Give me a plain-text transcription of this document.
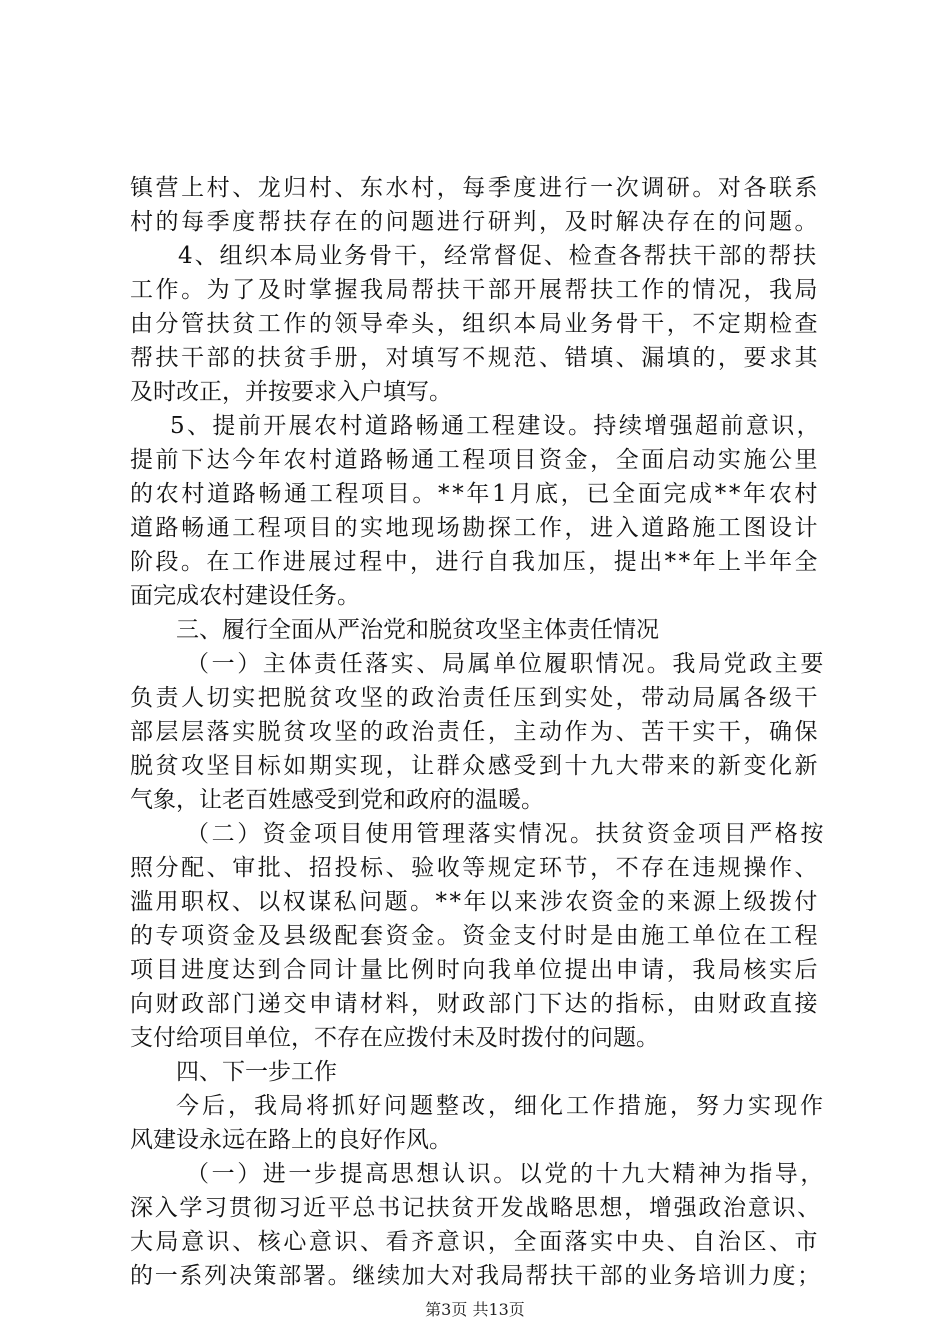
镇营上村、龙归村、东水村，每季度进行一次调研。对各联系
村的每季度帮扶存在的问题进行研判，及时解决存在的问题。
4、组织本局业务骨干，经常督促、检查各帮扶干部的帮扶
工作。为了及时掌握我局帮扶干部开展帮扶工作的情况，我局
由分管扶贫工作的领导牵头，组织本局业务骨干，不定期检查
帮扶干部的扶贫手册，对填写不规范、错填、漏填的，要求其
及时改正，并按要求入户填写。
5、提前开展农村道路畅通工程建设。持续增强超前意识，
提前下达今年农村道路畅通工程项目资金，全面启动实施公里
的农村道路畅通工程项目。**年1月底，已全面完成**年农村
道路畅通工程项目的实地现场勘探工作，进入道路施工图设计
阶段。在工作进展过程中，进行自我加压，提出**年上半年全
面完成农村建设任务。
三、履行全面从严治党和脱贫攻坚主体责任情况
（一）主体责任落实、局属单位履职情况。我局党政主要
负责人切实把脱贫攻坚的政治责任压到实处，带动局属各级干
部层层落实脱贫攻坚的政治责任，主动作为、苦干实干，确保
脱贫攻坚目标如期实现，让群众感受到十九大带来的新变化新
气象，让老百姓感受到党和政府的温暖。
（二）资金项目使用管理落实情况。扶贫资金项目严格按
照分配、审批、招投标、验收等规定环节，不存在违规操作、
滥用职权、以权谋私问题。**年以来涉农资金的来源上级拨付
的专项资金及县级配套资金。资金支付时是由施工单位在工程
项目进度达到合同计量比例时向我单位提出申请，我局核实后
向财政部门递交申请材料，财政部门下达的指标，由财政直接
支付给项目单位，不存在应拨付未及时拨付的问题。
四、下一步工作
今后，我局将抓好问题整改，细化工作措施，努力实现作
风建设永远在路上的良好作风。
（一）进一步提高思想认识。以党的十九大精神为指导，
深入学习贯彻习近平总书记扶贫开发战略思想，增强政治意识、
大局意识、核心意识、看齐意识，全面落实中央、自治区、市
的一系列决策部署。继续加大对我局帮扶干部的业务培训力度；
第3页 共13页
